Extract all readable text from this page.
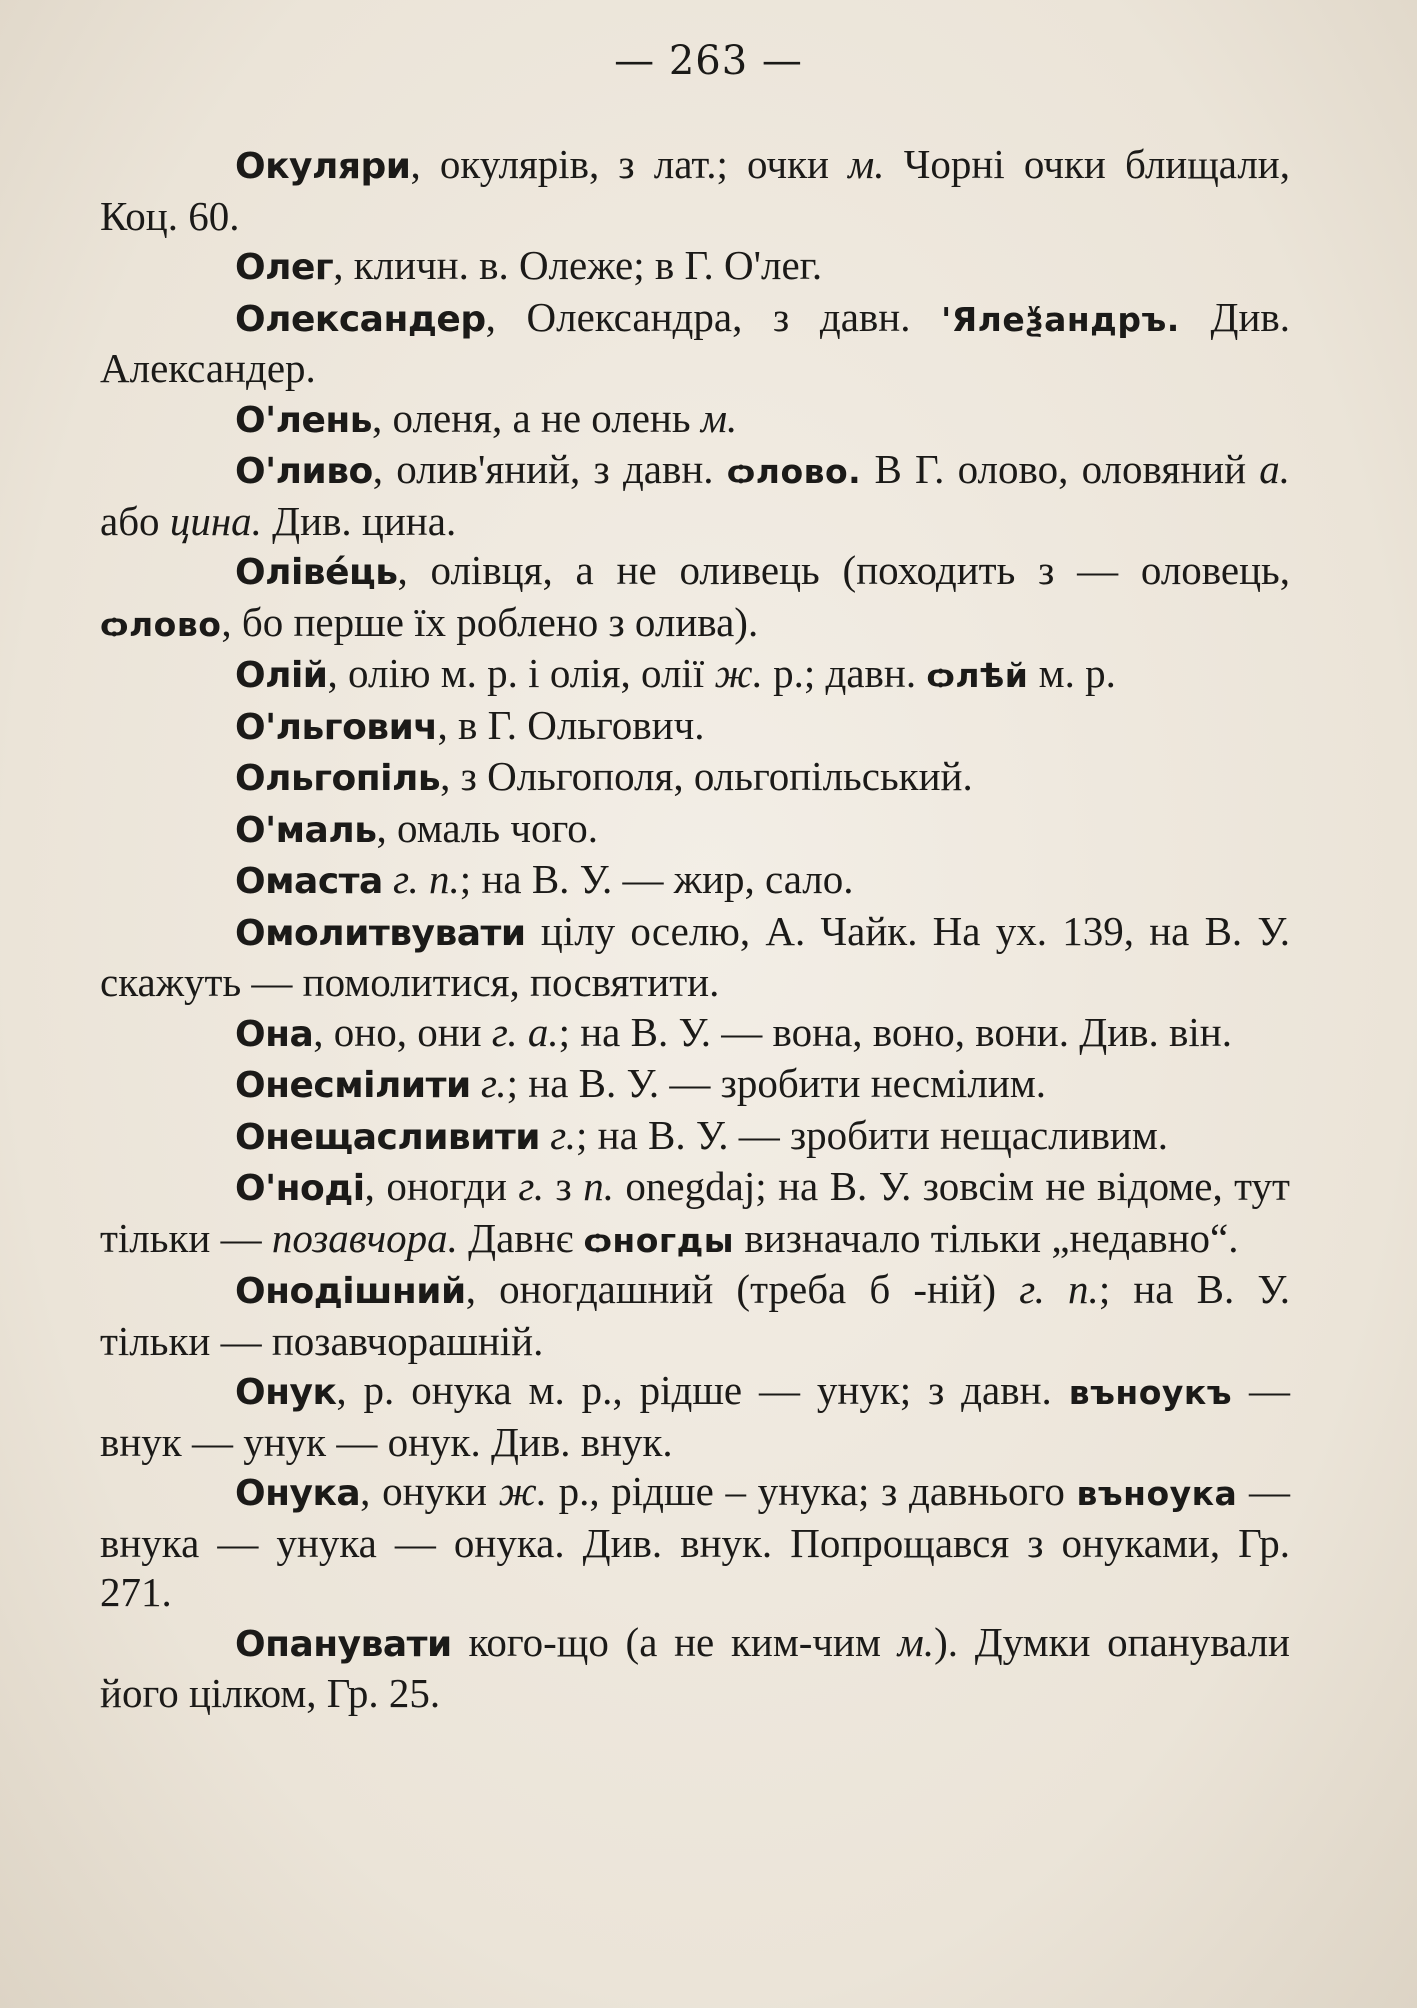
— 263 —

Окуляри, окулярів, з лат.; очки м. Чорні очки блищали, Коц. 60.

Олег, кличн. в. Олеже; в Г. О'лег.

Олександер, Олександра, з давн. 'Ялеѯандръ. Див. Александер.

О'лень, оленя, а не олень м.

О'ливо, олив'яний, з давн. ѻлово. В Г. олово, оловяний а. або цина. Див. цина.

Оліве́ць, олівця, а не оливець (походить з — оловець, ѻлово, бо перше їх роблено з олива).

Олій, олію м. р. і олія, олії ж. р.; давн. ѻлѣй м. р.

О'льгович, в Г. Ольгович.

Ольгопіль, з Ольгополя, ольгопільський.

О'маль, омаль чого.

Омаста г. п.; на В. У. — жир, сало.

Омолитвувати цілу оселю, А. Чайк. На ух. 139, на В. У. скажуть — помолитися, посвятити.

Она, оно, они г. а.; на В. У. — вона, воно, вони. Див. він.

Онесмілити г.; на В. У. — зробити несмілим.

Онещасливити г.; на В. У. — зробити нещасливим.

О'ноді, оногди г. з п. onegdaj; на В. У. зовсім не відоме, тут тільки — позавчора. Давнє ѻногды визначало тільки „недавно“.

Онодішний, оногдашний (треба б -ній) г. п.; на В. У. тільки — позавчорашній.

Онук, р. онука м. р., рідше — унук; з давн. въноукъ — внук — унук — онук. Див. внук.

Онука, онуки ж. р., рідше – унука; з давнього въноука — внука — унука — онука. Див. внук. Попрощався з онуками, Гр. 271.

Опанувати кого-що (а не ким-чим м.). Думки опанували його цілком, Гр. 25.
